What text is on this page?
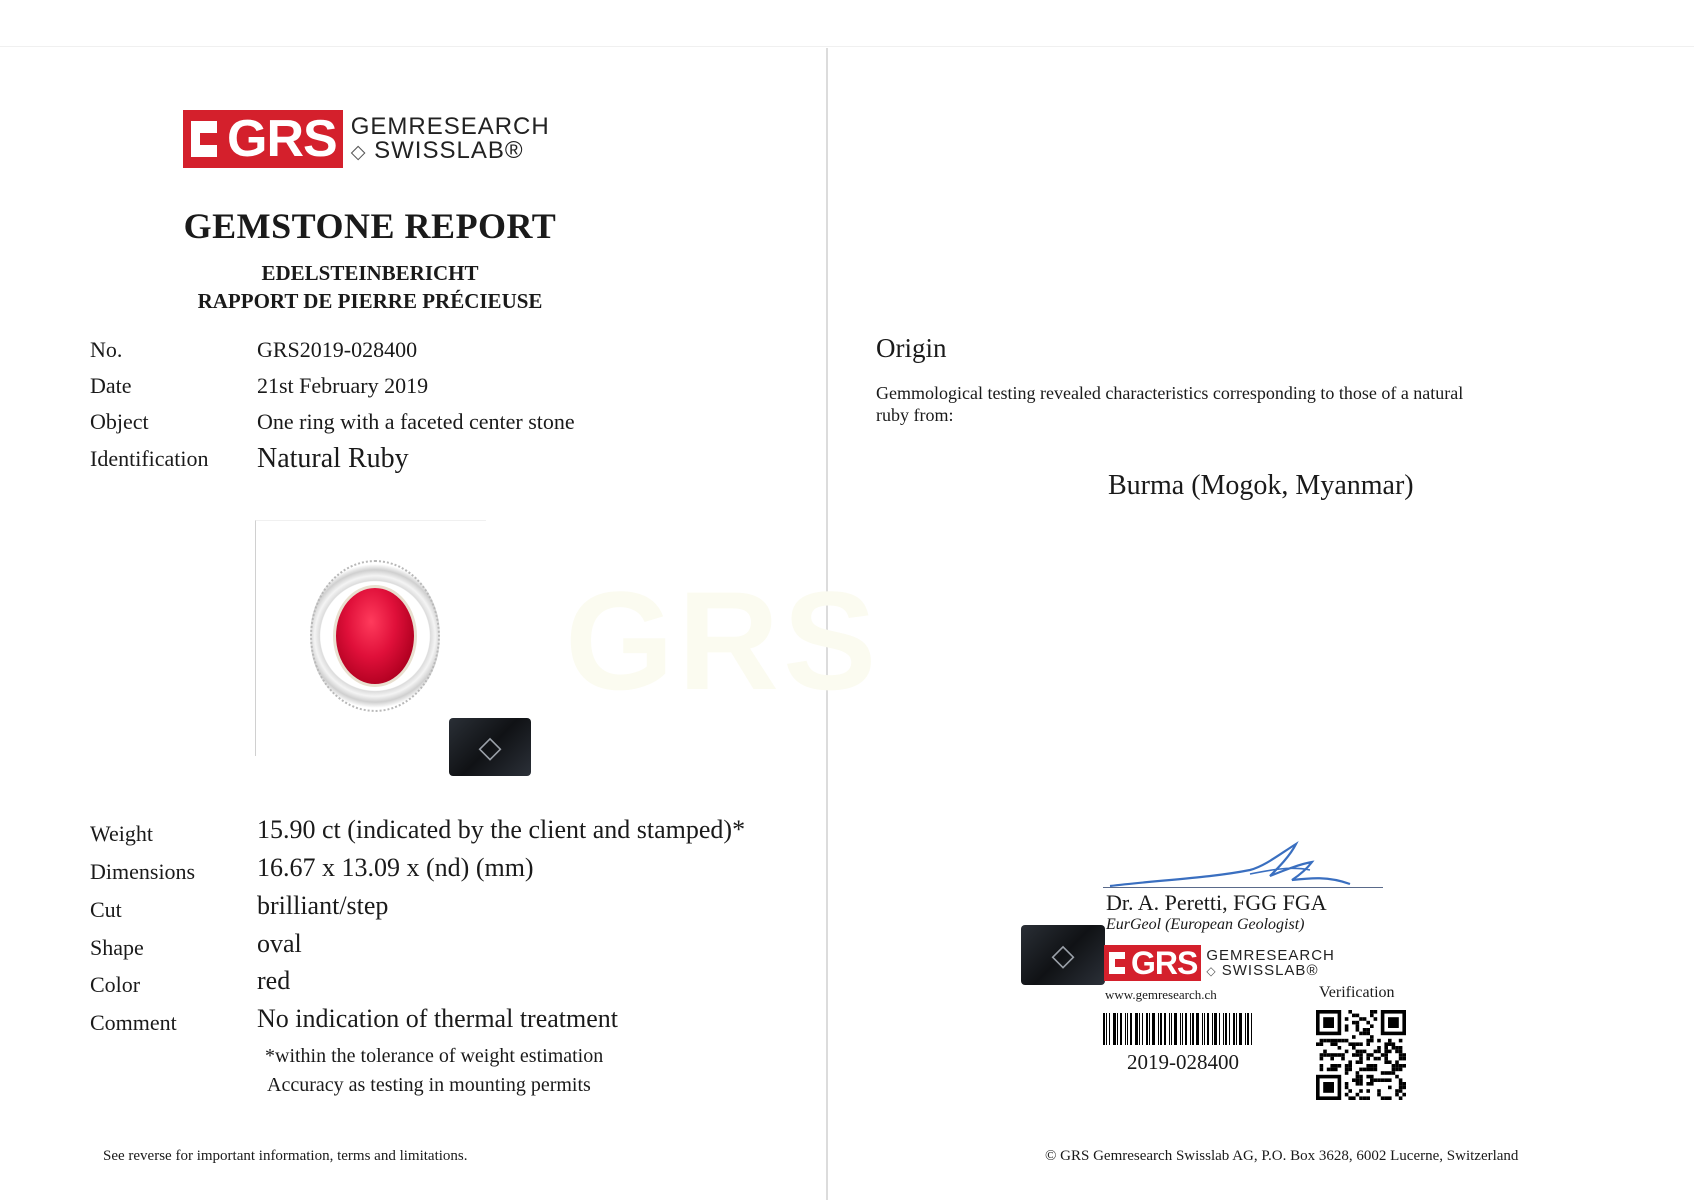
GRS GEMRESEARCH
◇ SWISSLAB®
GEMSTONE REPORT
EDELSTEINBERICHT
RAPPORT DE PIERRE PRÉCIEUSE
No.	GRS2019-028400
Date	21st February 2019
Object	One ring with a faceted center stone
Identification Natural Ruby
◇
GRS
Weight	15.90 ct (indicated by the client and stamped)*
Dimensions 16.67 x 13.09 x (nd) (mm)
Cut	brilliant/step
Shape	oval
Color	red
Comment	No indication of thermal treatment
*within the tolerance of weight estimation
Accuracy as testing in mounting permits
See reverse for important information, terms and limitations.
Origin
Gemmological testing revealed characteristics corresponding to those of a natural ruby from:
Burma (Mogok, Myanmar)
Dr. A. Peretti, FGG FGA
EurGeol (European Geologist)
◇	GRS GEMRESEARCH
◇ SWISSLAB®
www.gemresearch.ch	Verification
2019-028400
© GRS Gemresearch Swisslab AG, P.O. Box 3628, 6002 Lucerne, Switzerland
